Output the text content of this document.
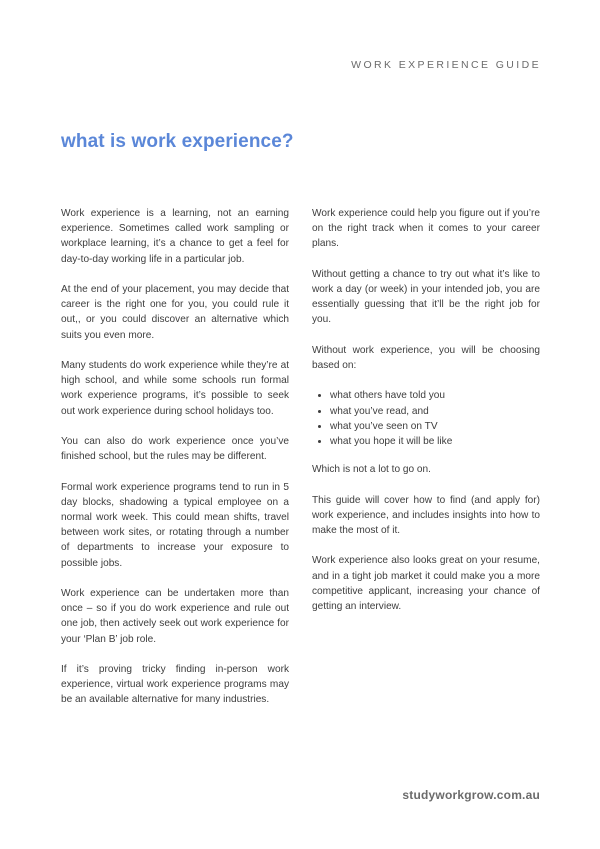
WORK EXPERIENCE GUIDE
what is work experience?

Work experience is a learning, not an earning experience. Sometimes called work sampling or workplace learning, it’s a chance to get a feel for day-to-day working life in a particular job.

At the end of your placement, you may decide that career is the right one for you, you could rule it out,, or you could discover an alternative which suits you even more.

Many students do work experience while they’re at high school, and while some schools run formal work experience programs, it’s possible to seek out work experience during school holidays too.

You can also do work experience once you’ve finished school, but the rules may be different.

Formal work experience programs tend to run in 5 day blocks, shadowing a typical employee on a normal work week. This could mean shifts, travel between work sites, or rotating through a number of departments to increase your exposure to possible jobs.

Work experience can be undertaken more than once – so if you do work experience and rule out one job, then actively seek out work experience for your ‘Plan B’ job role.

If it’s proving tricky finding in-person work experience, virtual work experience programs may be an available alternative for many industries.

Work experience could help you figure out if you’re on the right track when it comes to your career plans.

Without getting a chance to try out what it’s like to work a day (or week) in your intended job, you are essentially guessing that it’ll be the right job for you.

Without work experience, you will be choosing based on:

• what others have told you
• what you’ve read, and
• what you’ve seen on TV
• what you hope it will be like

Which is not a lot to go on.

This guide will cover how to find (and apply for) work experience, and includes insights into how to make the most of it.

Work experience also looks great on your resume, and in a tight job market it could make you a more competitive applicant, increasing your chance of getting an interview.

studyworkgrow.com.au
